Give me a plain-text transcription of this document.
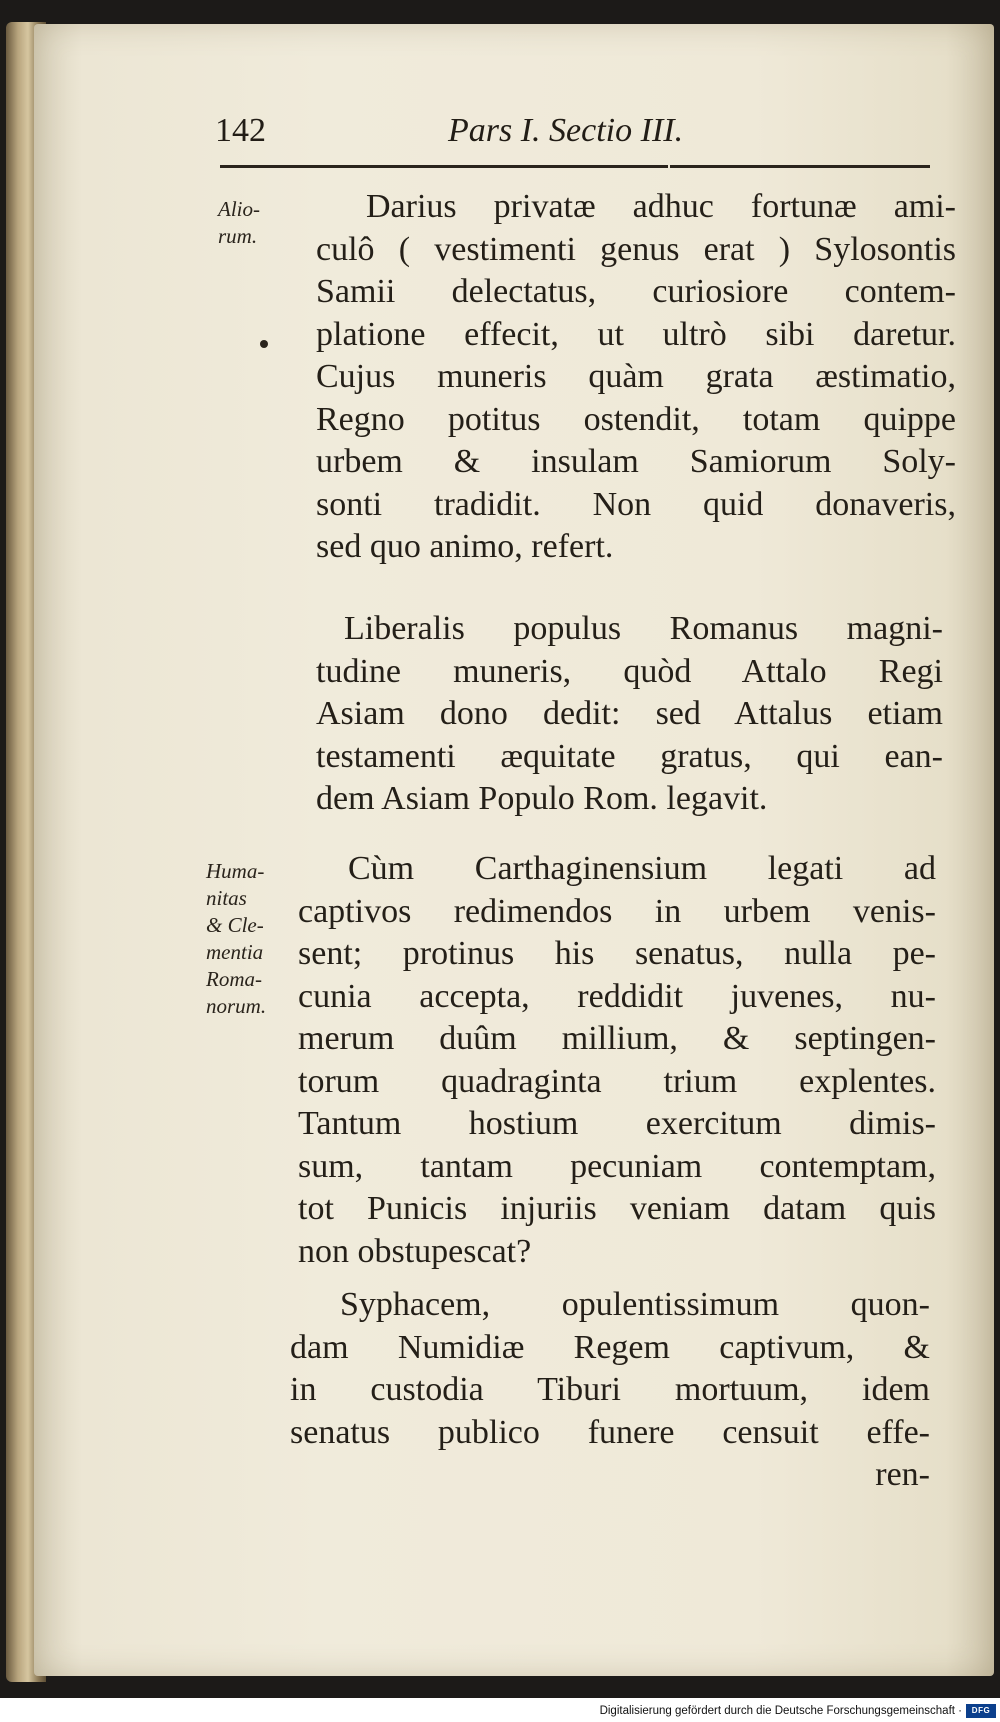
142	Pars I. Sectio III.
Alio-
rum.
Darius privatæ adhuc fortunæ ami-
culô ( vestimenti genus erat ) Sylosontis
Samii delectatus, curiosiore contem-
platione effecit, ut ultrò sibi daretur.
Cujus muneris quàm grata æstimatio,
Regno potitus ostendit, totam quippe
urbem & insulam Samiorum Soly-
sonti tradidit. Non quid donaveris,
sed quo animo, refert.
Liberalis populus Romanus magni-
tudine muneris, quòd Attalo Regi
Asiam dono dedit: sed Attalus etiam
testamenti æquitate gratus, qui ean-
dem Asiam Populo Rom. legavit.
Huma-
nitas
& Cle-
mentia
Roma-
norum.
Cùm Carthaginensium legati ad
captivos redimendos in urbem venis-
sent; protinus his senatus, nulla pe-
cunia accepta, reddidit juvenes, nu-
merum duûm millium, & septingen-
torum quadraginta trium explentes.
Tantum hostium exercitum dimis-
sum, tantam pecuniam contemptam,
tot Punicis injuriis veniam datam quis
non obstupescat?
Syphacem, opulentissimum quon-
dam Numidiæ Regem captivum, &
in custodia Tiburi mortuum, idem
senatus publico funere censuit effe-
ren-
Digitalisierung gefördert durch die Deutsche Forschungsgemeinschaft ·	DFG
